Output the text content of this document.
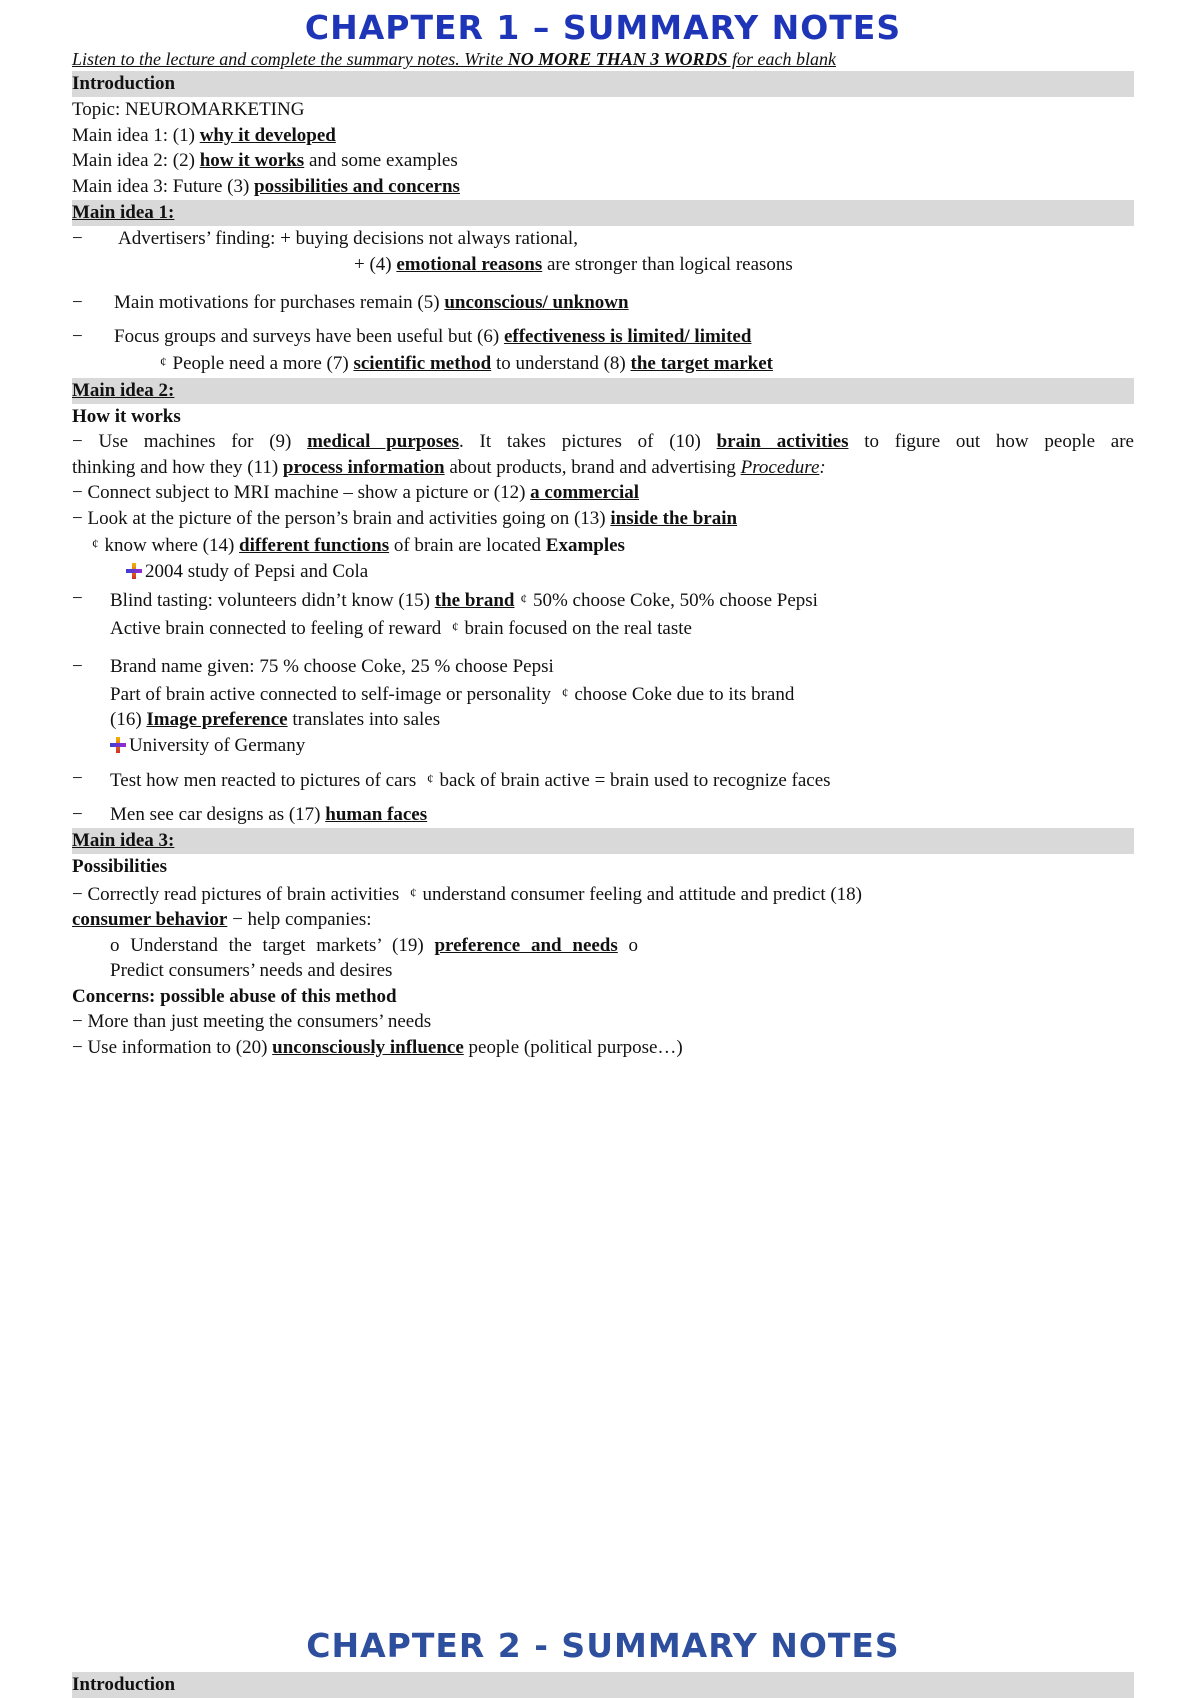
CHAPTER 1 – SUMMARY NOTES
Listen to the lecture and complete the summary notes. Write NO MORE THAN 3 WORDS for each blank
Introduction
Topic: NEUROMARKETING
Main idea 1: (1) why it developed
Main idea 2: (2) how it works and some examples
Main idea 3: Future (3) possibilities and concerns
Main idea 1:
−	Advertisers’ finding: + buying decisions not always rational,
+ (4) emotional reasons are stronger than logical reasons
− Main motivations for purchases remain (5) unconscious/ unknown
− Focus groups and surveys have been useful but (6) effectiveness is limited/ limited
¢ People need a more (7) scientific method to understand (8) the target market
Main idea 2:
How it works
− Use machines for (9) medical purposes. It takes pictures of (10) brain activities to figure out how people are
thinking and how they (11) process information about products, brand and advertising Procedure:
− Connect subject to MRI machine – show a picture or (12) a commercial
− Look at the picture of the person’s brain and activities going on (13) inside the brain
¢ know where (14) different functions of brain are located Examples
2004 study of Pepsi and Cola
− Blind tasting: volunteers didn’t know (15) the brand ¢ 50% choose Coke, 50% choose Pepsi
Active brain connected to feeling of reward ¢ brain focused on the real taste
− Brand name given: 75 % choose Coke, 25 % choose Pepsi
Part of brain active connected to self-image or personality ¢ choose Coke due to its brand
(16) Image preference translates into sales
University of Germany
− Test how men reacted to pictures of cars ¢ back of brain active = brain used to recognize faces
− Men see car designs as (17) human faces
Main idea 3:
Possibilities
− Correctly read pictures of brain activities ¢ understand consumer feeling and attitude and predict (18)
consumer behavior − help companies:
o Understand the target markets’ (19) preference and needs o
Predict consumers’ needs and desires
Concerns: possible abuse of this method
− More than just meeting the consumers’ needs
− Use information to (20) unconsciously influence people (political purpose…)
CHAPTER 2 - SUMMARY NOTES
Introduction
